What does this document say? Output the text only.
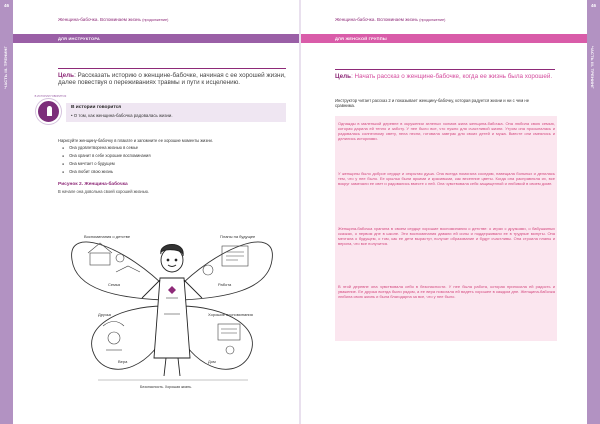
46
ЧАСТЬ III. ТРЕНИНГ
Женщина-бабочка. Вспоминаем жизнь (продолжение)
ДЛЯ ИНСТРУКТОРА
Цель: Рассказать историю о женщине-бабочке, начиная с ее хорошей жизни, далее повествуя о переживаниях травмы и пути к исцелению.
В ИСТОРИИ ГОВОРИТСЯ
В истории говорится
• О том, как женщина-бабочка радовалась жизни.
Нарисуйте женщину-бабочку в плакате и запомните ее хорошие моменты жизни.
● Она удовлетворена жизнью в семье
● Она хранит в себе хорошие воспоминания
● Она мечтает о будущем
● Она любит свою жизнь
Рисунок 2. Женщина-бабочка
В начале она довольна своей хорошей жизнью.
Воспоминания о детстве	Планы на будущее
Семья	Работа
Друзья	Хорошие воспоминания
Вера	Дом
Безопасность. Хорошая жизнь.
Женщина-бабочка. Вспоминаем жизнь (продолжение)
ДЛЯ ЖЕНСКОЙ ГРУППЫ
Цель: Начать рассказ о женщине-бабочке, когда ее жизнь была хорошей.
Инструктор читает рассказ 2 и показывает женщину-бабочку, которая радуется жизни и ни с чем не сравнима.

Однажды в маленькой деревне в окружении зеленых холмов жила женщина-бабочка. Она любила свою семью, которая дарила ей тепло и заботу. У нее было все, что нужно для счастливой жизни. Утром она просыпалась и радовалась солнечному свету, пела песни, готовила завтрак для своих детей и мужа. Вместе они смеялись и делились историями.

У женщины было доброе сердце и открытая душа. Она всегда помогала соседям, навещала больных и делилась тем, что у нее было. Ее крылья были яркими и красивыми, как весенние цветы. Когда она расправляла их, все вокруг замечали ее свет и радовались вместе с ней. Она чувствовала себя защищенной и любимой в своем доме.

Женщина-бабочка хранила в своем сердце хорошие воспоминания о детстве: о играх с друзьями, о бабушкиных сказках, о первом дне в школе. Эти воспоминания давали ей силы и поддерживали ее в трудные минуты. Она мечтала о будущем, о том, как ее дети вырастут, получат образование и будут счастливы. Она строила планы и верила, что все получится.

В этой деревне она чувствовала себя в безопасности. У нее была работа, которая приносила ей радость и уважение. Ее друзья всегда были рядом, а ее вера помогала ей видеть хорошее в каждом дне. Женщина-бабочка любила свою жизнь и была благодарна за все, что у нее было.

46
ЧАСТЬ III. ТРЕНИНГ
